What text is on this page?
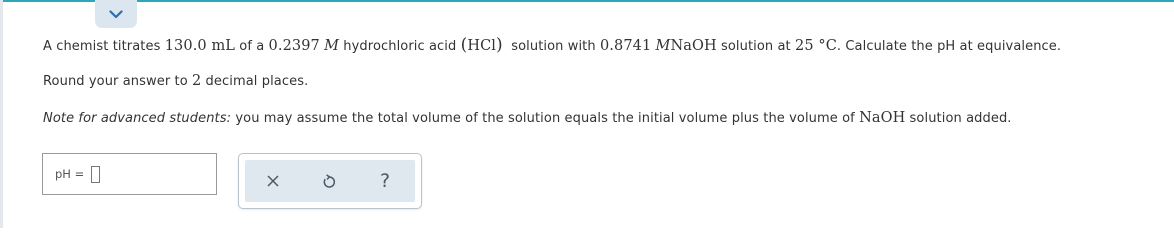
A chemist titrates 130.0 mL of a 0.2397 M hydrochloric acid (HCl)  solution with 0.8741 MNaOH solution at 25 °C. Calculate the pH at equivalence.
Round your answer to 2 decimal places.
Note for advanced students: you may assume the total volume of the solution equals the initial volume plus the volume of NaOH solution added.
pH =	?
